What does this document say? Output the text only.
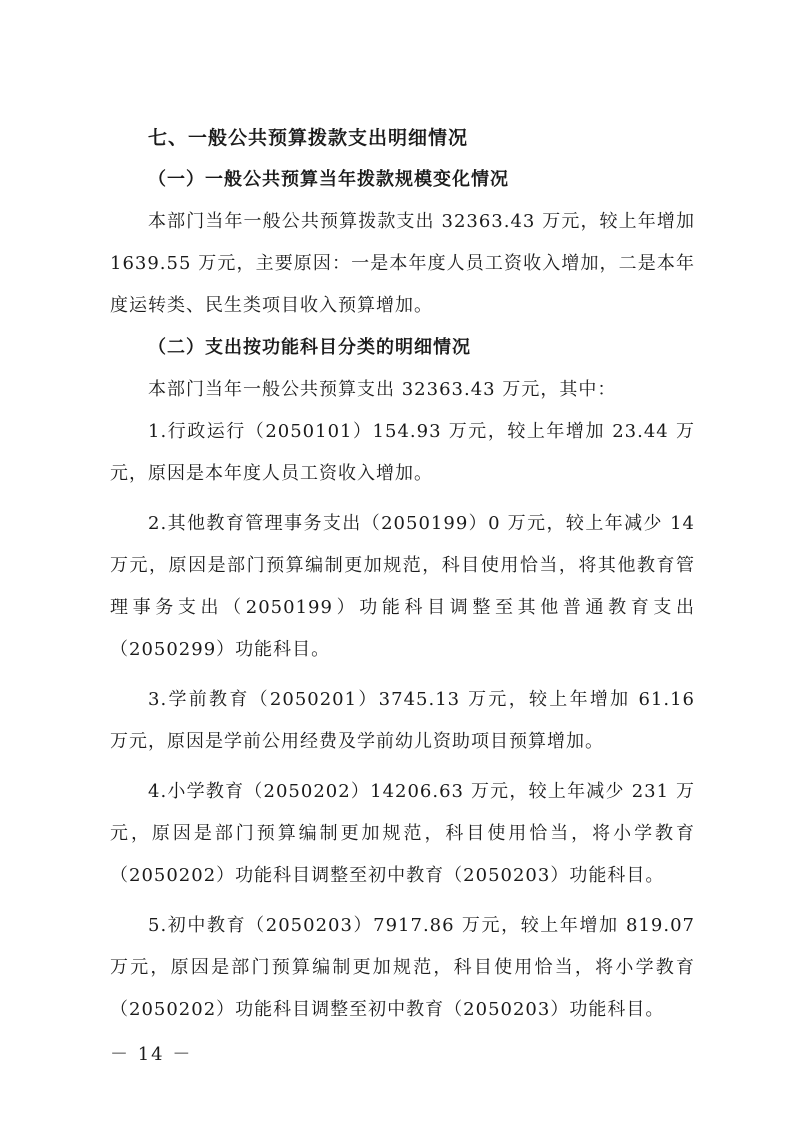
七、一般公共预算拨款支出明细情况
（一）一般公共预算当年拨款规模变化情况

本部门当年一般公共预算拨款支出 32363.43 万元，较上年增加 1639.55 万元，主要原因：一是本年度人员工资收入增加，二是本年度运转类、民生类项目收入预算增加。

（二）支出按功能科目分类的明细情况

本部门当年一般公共预算支出 32363.43 万元，其中：

1.行政运行（2050101）154.93 万元，较上年增加 23.44 万元，原因是本年度人员工资收入增加。

2.其他教育管理事务支出（2050199）0 万元，较上年减少 14 万元，原因是部门预算编制更加规范，科目使用恰当，将其他教育管理事务支出（2050199）功能科目调整至其他普通教育支出（2050299）功能科目。

3.学前教育（2050201）3745.13 万元，较上年增加 61.16 万元，原因是学前公用经费及学前幼儿资助项目预算增加。

4.小学教育（2050202）14206.63 万元，较上年减少 231 万元，原因是部门预算编制更加规范，科目使用恰当，将小学教育（2050202）功能科目调整至初中教育（2050203）功能科目。

5.初中教育（2050203）7917.86 万元，较上年增加 819.07 万元，原因是部门预算编制更加规范，科目使用恰当，将小学教育（2050202）功能科目调整至初中教育（2050203）功能科目。

－ 14 －
